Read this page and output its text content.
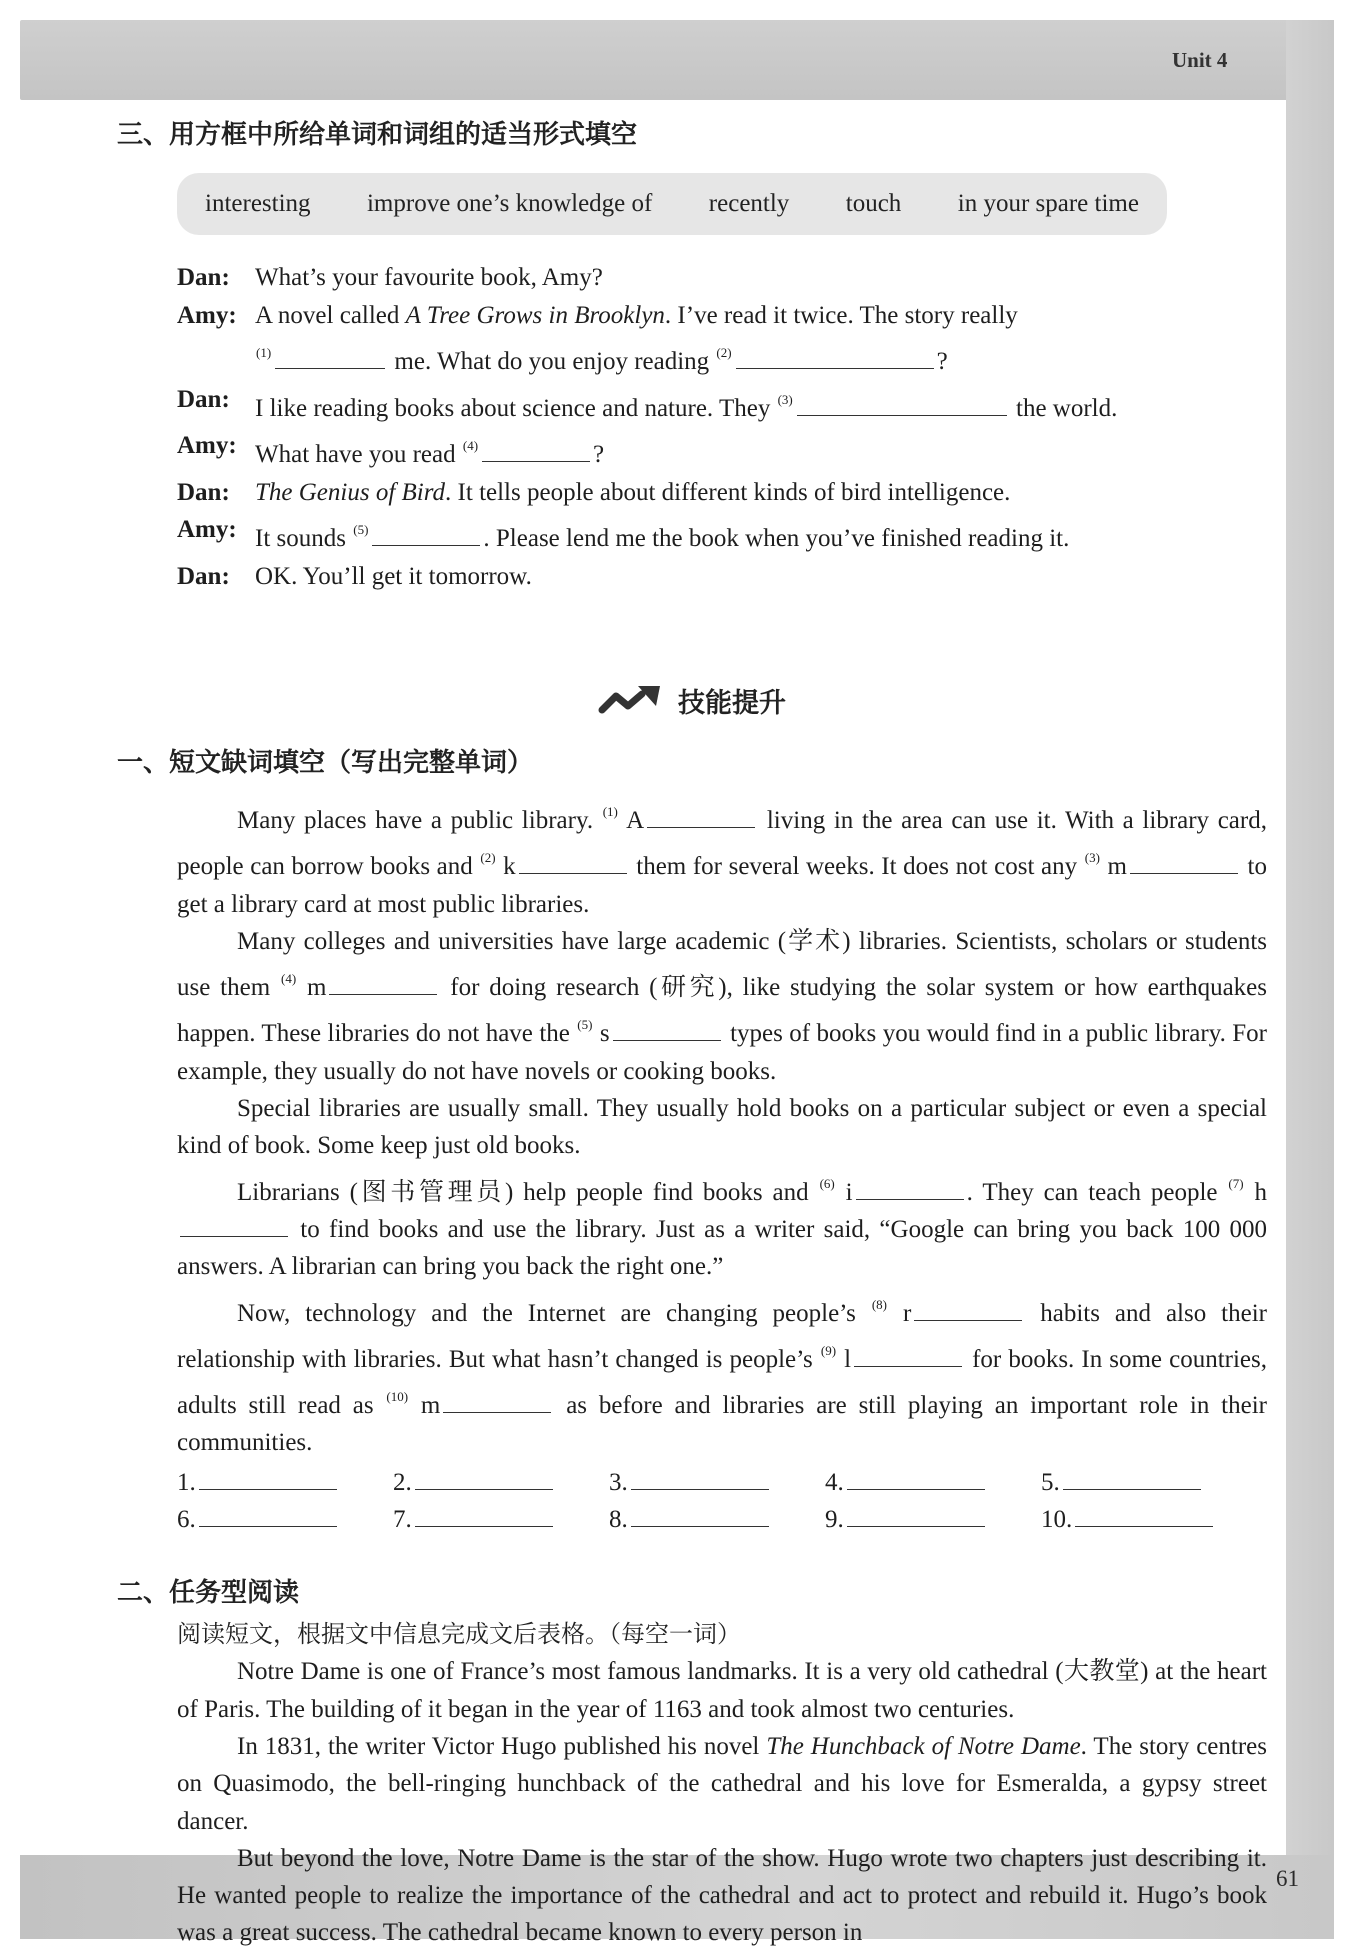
Unit 4
61
三、用方框中所给单词和词组的适当形式填空
interesting improve one’s knowledge of recently touch in your spare time
Dan:	What’s your favourite book, Amy?
Amy: A novel called A Tree Grows in Brooklyn. I’ve read it twice. The story really
$^{(1)}$	me. What do you enjoy reading $^{(2)}$	?
Dan:	I like reading books about science and nature. They $^{(3)}$	the world.
Amy: What have you read $^{(4)}$	?
Dan:	The Genius of Bird. It tells people about different kinds of bird intelligence.
Amy: It sounds $^{(5)}$	. Please lend me the book when you’ve finished reading it.
Dan:	OK. You’ll get it tomorrow.
技能提升
一、短文缺词填空（写出完整单词）

Many places have a public library. $^{(1)}$ A	living in the area can use it. With a library card, people can borrow books and $^{(2)}$ k	them for several weeks. It does not cost any $^{(3)}$ m	to get a library card at most public libraries.

Many colleges and universities have large academic (学术) libraries. Scientists, scholars or students use them $^{(4)}$ m	for doing research (研究), like studying the solar system or how earthquakes happen. These libraries do not have the $^{(5)}$ s	types of books you would find in a public library. For example, they usually do not have novels or cooking books.

Special libraries are usually small. They usually hold books on a particular subject or even a special kind of book. Some keep just old books.

Librarians (图书管理员) help people find books and $^{(6)}$ i	. They can teach people $^{(7)}$ h to find books and use the library. Just as a writer said, “Google can bring you back 100 000 answers. A librarian can bring you back the right one.”

Now, technology and the Internet are changing people’s $^{(8)}$ r	habits and also their relationship with libraries. But what hasn’t changed is people’s $^{(9)}$ l	for books. In some countries, adults still read as $^{(10)}$ m	as before and libraries are still playing an important role in their communities.

1.	2.	3.	4.	5.
6.	7.	8.	9.	10.
二、任务型阅读
阅读短文，根据文中信息完成文后表格。（每空一词）

Notre Dame is one of France’s most famous landmarks. It is a very old cathedral (大教堂) at the heart of Paris. The building of it began in the year of 1163 and took almost two centuries.

In 1831, the writer Victor Hugo published his novel The Hunchback of Notre Dame. The story centres on Quasimodo, the bell-ringing hunchback of the cathedral and his love for Esmeralda, a gypsy street dancer.

But beyond the love, Notre Dame is the star of the show. Hugo wrote two chapters just describing it. He wanted people to realize the importance of the cathedral and act to protect and rebuild it. Hugo’s book was a great success. The cathedral became known to every person in
